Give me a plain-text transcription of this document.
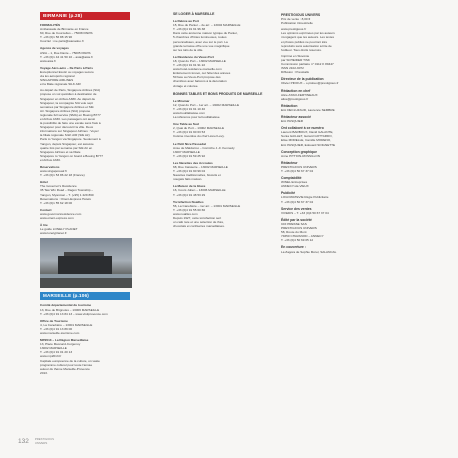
BIRMANIE (p.28)
FORMALITÉS
Ambassade de Birmanie en France
60, Rue de Courcelles – 75008 PARIS
T. +33 (0)1 56 88 15 90
Courriel : me.paris@wanadoo.fr
Agence de voyages
ASIA – 1, Rue Dante – 75005 PARIS
T. +33 (0)1 44 41 50 10 – asia@asia.fr
www.asia.fr
Voyage Aéro-aéro – De Paris à Paris
Exceptionnel Exotic ou voyages secure
via les aéroports regional
SINGAPORE AIRLINES
et la filiale régionale SILK AIR
Au départ de Paris, Singapore Airlines (SIA)
propose un vol quotidien à destination de
Singapour en Airbus A380. Au départ de
Singapour, la compagnie SIA vole sept
semaines par Singapore Airlines et Silk
Air. Singapore Airlines (SIA) propose
régionale full service (SMA) en Boeing B777
et Airbus A330. Les passagers ont aussi
la possibilité de faire une escale sans frais à
Singapour pour découvrir la ville. Deux
informations sur Singapour Airlines : Voyez
la filiale régionale SILK AIR (Silk Air)
Paris to Yangon via Singapore. Seulement à
Yangon, depuis Singapour, est assurée
quatre fois par semaine par Silk Air en
Singapore Airlines et sa filiale
Singapore to Yangon on board a Boeing B777
et Airbus A330.
Réservations
www.singaporeair.fr
T. +33 (0)1 53 86 22 18 (France)
Hôtel
The Governor's Residence
35 Taw Win Road – Dagon Township –
Yangon, Myanmar – T. (+95) 1 229 860
Réservations : Orient-Express Hotels
T. +33 (0)1 55 62 18 00
Contact
www.governorsresidence.com
www.orient-express.com
À lire
Le guide LONELY PLANET
www.lonelyplanet.fr
MARSEILLE (p.106)
Comité départemental du tourisme
13, Rue de Brignoles – 13006 MARSEILLE
T. +33 (0)4 91 13 84 13 – www.visitprovence.com
Office de Tourisme
4, La Canebière – 13001 MARSEILLE
T. +33 (0)4 91 13 89 00
www.marseille-tourisme.com
MP2013 – La Région Marseillaise
13, Place Mesnard-Corgenoy
13002 MARSEILLE
T. +33 (0)4 91 01 20 13
www.mp2013.fr
Capitale européenne de la culture, un vaste
programme culturel pour toute l'année
autour du thème Marseille-Provence
2013.
SE LOGER À MARSEILLE
La Relève au Port
15, Rue du Panier – 2e arr. – 13002 MARSEILLE
T. +33 (0)4 91 91 96 38
Dans cette ancienne maison typique du Panier,
5 chambres d'hôtes lumineuses, toutes
personnalisées, avec vue sur le port. La
grande terrasse offre une vue magnifique
sur les toits de la ville.
La Résidence du Vieux-Port
18, Quai du Port – 13002 MARSEILLE
T. +33 (0)4 91 91 91 22
www.hotel-residence-marseille.com
Entièrement rénové, cet hôtel des années
50 face au Vieux-Port propose des
chambres avec balcons à la décoration
vintage et colorée.
BONNES TABLES ET BONS PRODUITS DE MARSEILLE
Le Miramar
12, Quai du Port – 1er arr. – 13002 MARSEILLE
T. +33 (0)4 91 91 10 40
www.bouillabaisse.com
La référence pour la bouillabaisse.
Une Table au Sud
2, Quai du Port – 13002 MARSEILLE
T. +33 (0)4 91 90 63 53
Cuisine inventive du chef Lionel Lévy.
Le Petit Nice Passedat
Anse de Maldormé – Corniche J.-F. Kennedy
13007 MARSEILLE
T. +33 (0)4 91 59 25 92
Les Navettes des Accoules
68, Rue Caisserie – 13002 MARSEILLE
T. +33 (0)4 91 90 99 04
Navettes traditionnelles, biscuits et
nougats faits maison.
La Maison de la Glace
16, Cours Julien – 13006 MARSEILLE
T. +33 (0)4 91 48 53 29
Torréfaction Noailles
56, La Canebière – 1er arr. – 13001 MARSEILLE
T. +33 (0)4 91 55 60 66
www.noailles.com
Depuis 1927, cette torréfaction sert
un café rare et une sélection de thés,
chocolats et confiseries marseillaises.
PRESTIGIOUS UNIVERS
Prix de vente : 8,00 €
Publication trimestrielle
www.prestigious.fr
Les opinions exprimées par les auteurs
n'engagent que les auteurs. Les textes
et photos publiés ne pourront être
reproduits sans autorisation écrite de
l'éditeur. Tous droits réservés.
Imprimé en Slovénie
par SCHEIDER TISK
Commission paritaire n° 0112 K 89447
ISSN 2102-9072
Diffusion : Presstalis
Directeur de la publication
Olivier PIDOUX – o.pidoux@prestigious.fr
Rédaction en chef
Alice ASSO-FERTINEAUX
alice@prestigious.fr
Rédaction
Eric DECLUZAUD, Laurence SEMBRE
Rédacteur associé
Eric PASQUIER
Ont collaboré à ce numéro
Laurent BARBOUX, David GALANTE,
Sonia GAILLET, Gérard GOTTARDO,
Elise MORELLE, Camille MORENO,
Eric PASQUIER, Edouard SOIGNETTE
Conception graphique
Anne PITTION-ROSSILLON
Rédacteur
PRESTIGIOUS UNIVERS
T. +33 (0)4 50 67 37 04
Comptabilité
WINEL Entreprises
ANNECY-LE-VIEUX
Publicité
LOGOWATEVIE Régie Publicitaire
T. +33 (0)4 50 67 37 04
Service des ventes
VIVEDIS – T. +33 (0)4 50 67 37 04
Édité par la société
CDI PRESSE SAS
PRESTIGIOUS UNIVERS
58, Route du Mont
74650 CHAVANOD – ANNECY
T. +33 (0)4 50 69 05 12
En couverture :
La Zagora de Sophie Morel, SALANCAL
132 PRESTIGIOUS
UNIVERS
